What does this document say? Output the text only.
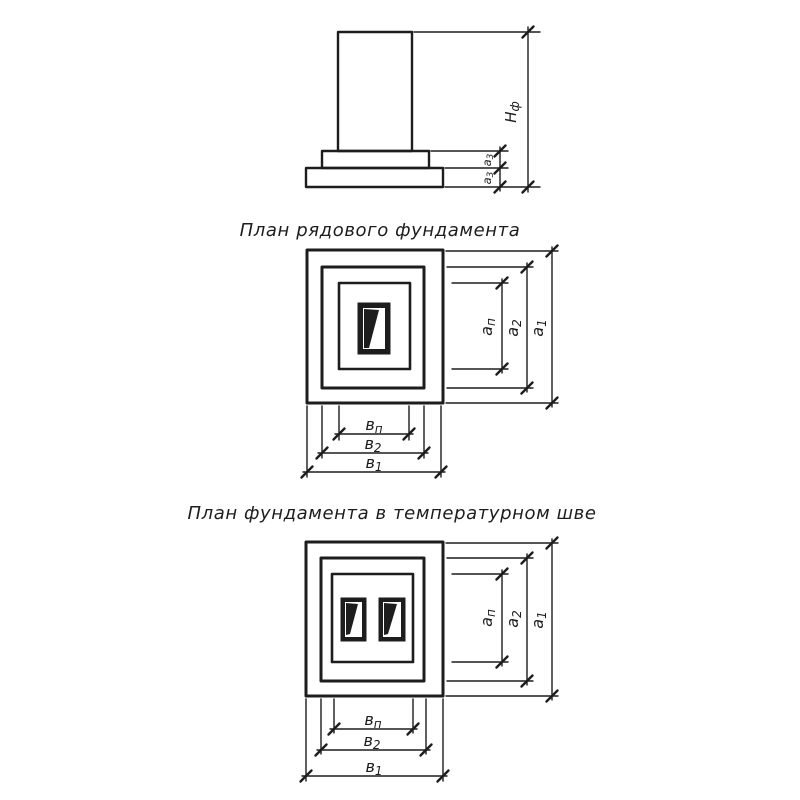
$Н_ф$
а3
а3
План рядового фундамента
ап
а2
а1
вп
в2
в1
План фундамента в температурном шве
ап
а2
а1
вп
в2
в1
